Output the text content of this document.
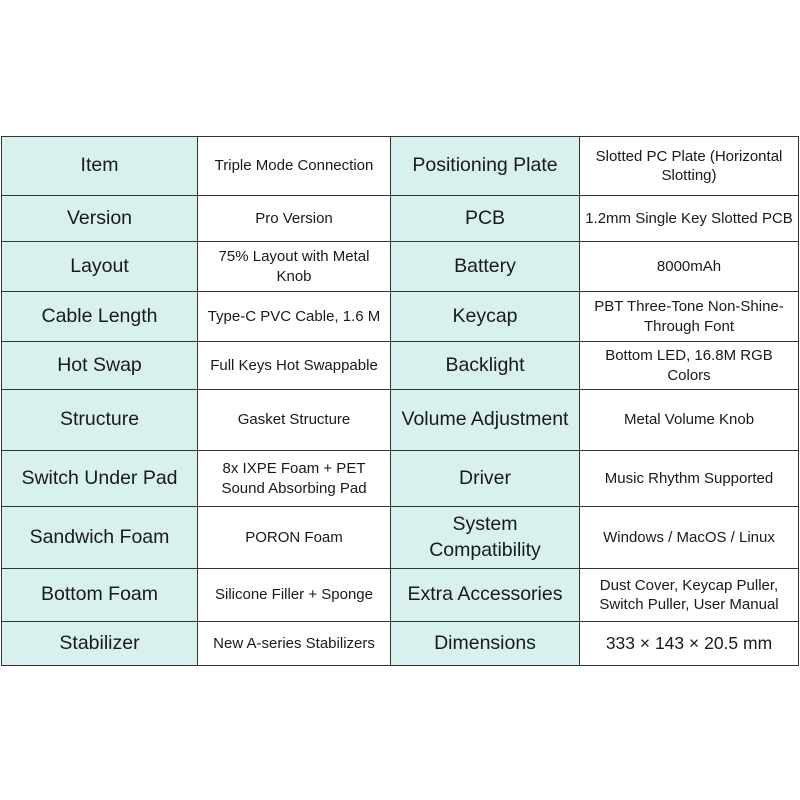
Item	Triple Mode Connection	Positioning Plate	Slotted PC Plate (Horizontal Slotting)
Version	Pro Version	PCB	1.2mm Single Key Slotted PCB
Layout	75% Layout with Metal Knob	Battery	8000mAh
Cable Length	Type-C PVC Cable, 1.6 M	Keycap	PBT Three-Tone Non-Shine-Through Font
Hot Swap	Full Keys Hot Swappable	Backlight	Bottom LED, 16.8M RGB Colors
Structure	Gasket Structure	Volume Adjustment	Metal Volume Knob
Switch Under Pad	8x IXPE Foam + PET Sound Absorbing Pad	Driver	Music Rhythm Supported
Sandwich Foam	PORON Foam	System Compatibility	Windows / MacOS / Linux
Bottom Foam	Silicone Filler + Sponge	Extra Accessories	Dust Cover, Keycap Puller, Switch Puller, User Manual
Stabilizer	New A-series Stabilizers	Dimensions	333 × 143 × 20.5 mm
